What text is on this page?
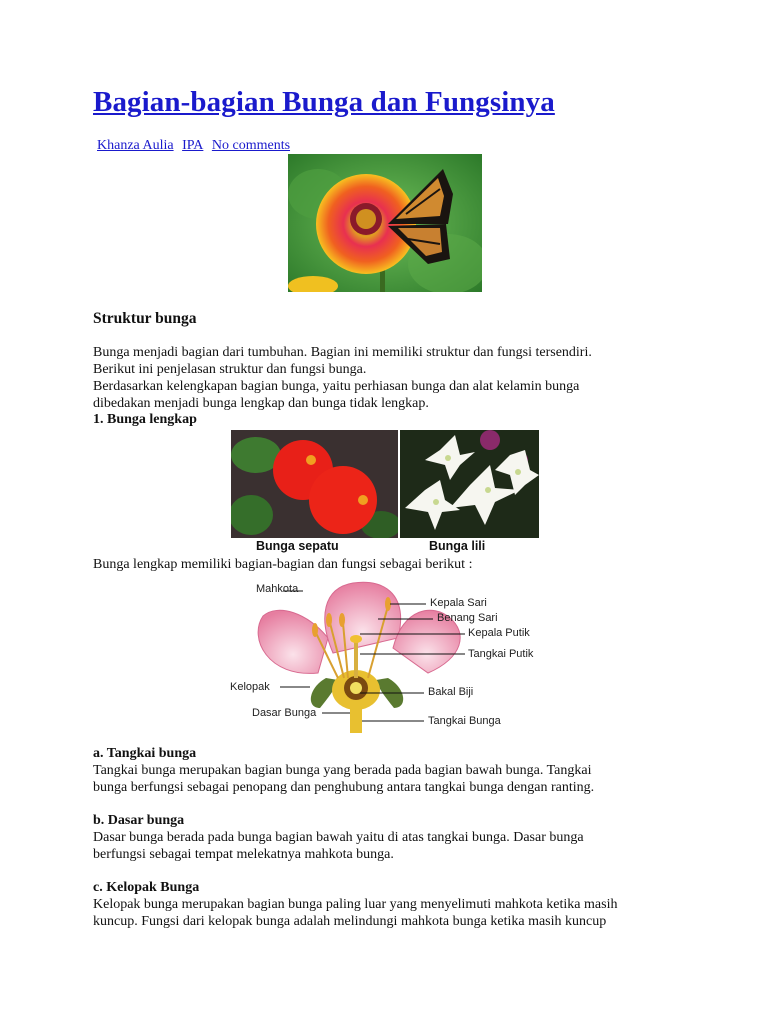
Bagian-bagian Bunga dan Fungsinya
Khanza Aulia IPA No comments
Struktur bunga
Bunga menjadi bagian dari tumbuhan. Bagian ini memiliki struktur dan fungsi tersendiri.
Berikut ini penjelasan struktur dan fungsi bunga.
Berdasarkan kelengkapan bagian bunga, yaitu perhiasan bunga dan alat kelamin bunga
dibedakan menjadi bunga lengkap dan bunga tidak lengkap.
1. Bunga lengkap
Bunga sepatu	Bunga lili
Bunga lengkap memiliki bagian-bagian dan fungsi sebagai berikut :
Mahkota
Kelopak
Dasar Bunga
Kepala Sari
Benang Sari
Kepala Putik
Tangkai Putik
Bakal Biji
Tangkai Bunga
a. Tangkai bunga
Tangkai bunga merupakan bagian bunga yang berada pada bagian bawah bunga. Tangkai
bunga berfungsi sebagai penopang dan penghubung antara tangkai bunga dengan ranting.
b. Dasar bunga
Dasar bunga berada pada bunga bagian bawah yaitu di atas tangkai bunga. Dasar bunga
berfungsi sebagai tempat melekatnya mahkota bunga.
c. Kelopak Bunga
Kelopak bunga merupakan bagian bunga paling luar yang menyelimuti mahkota ketika masih
kuncup. Fungsi dari kelopak bunga adalah melindungi mahkota bunga ketika masih kuncup
